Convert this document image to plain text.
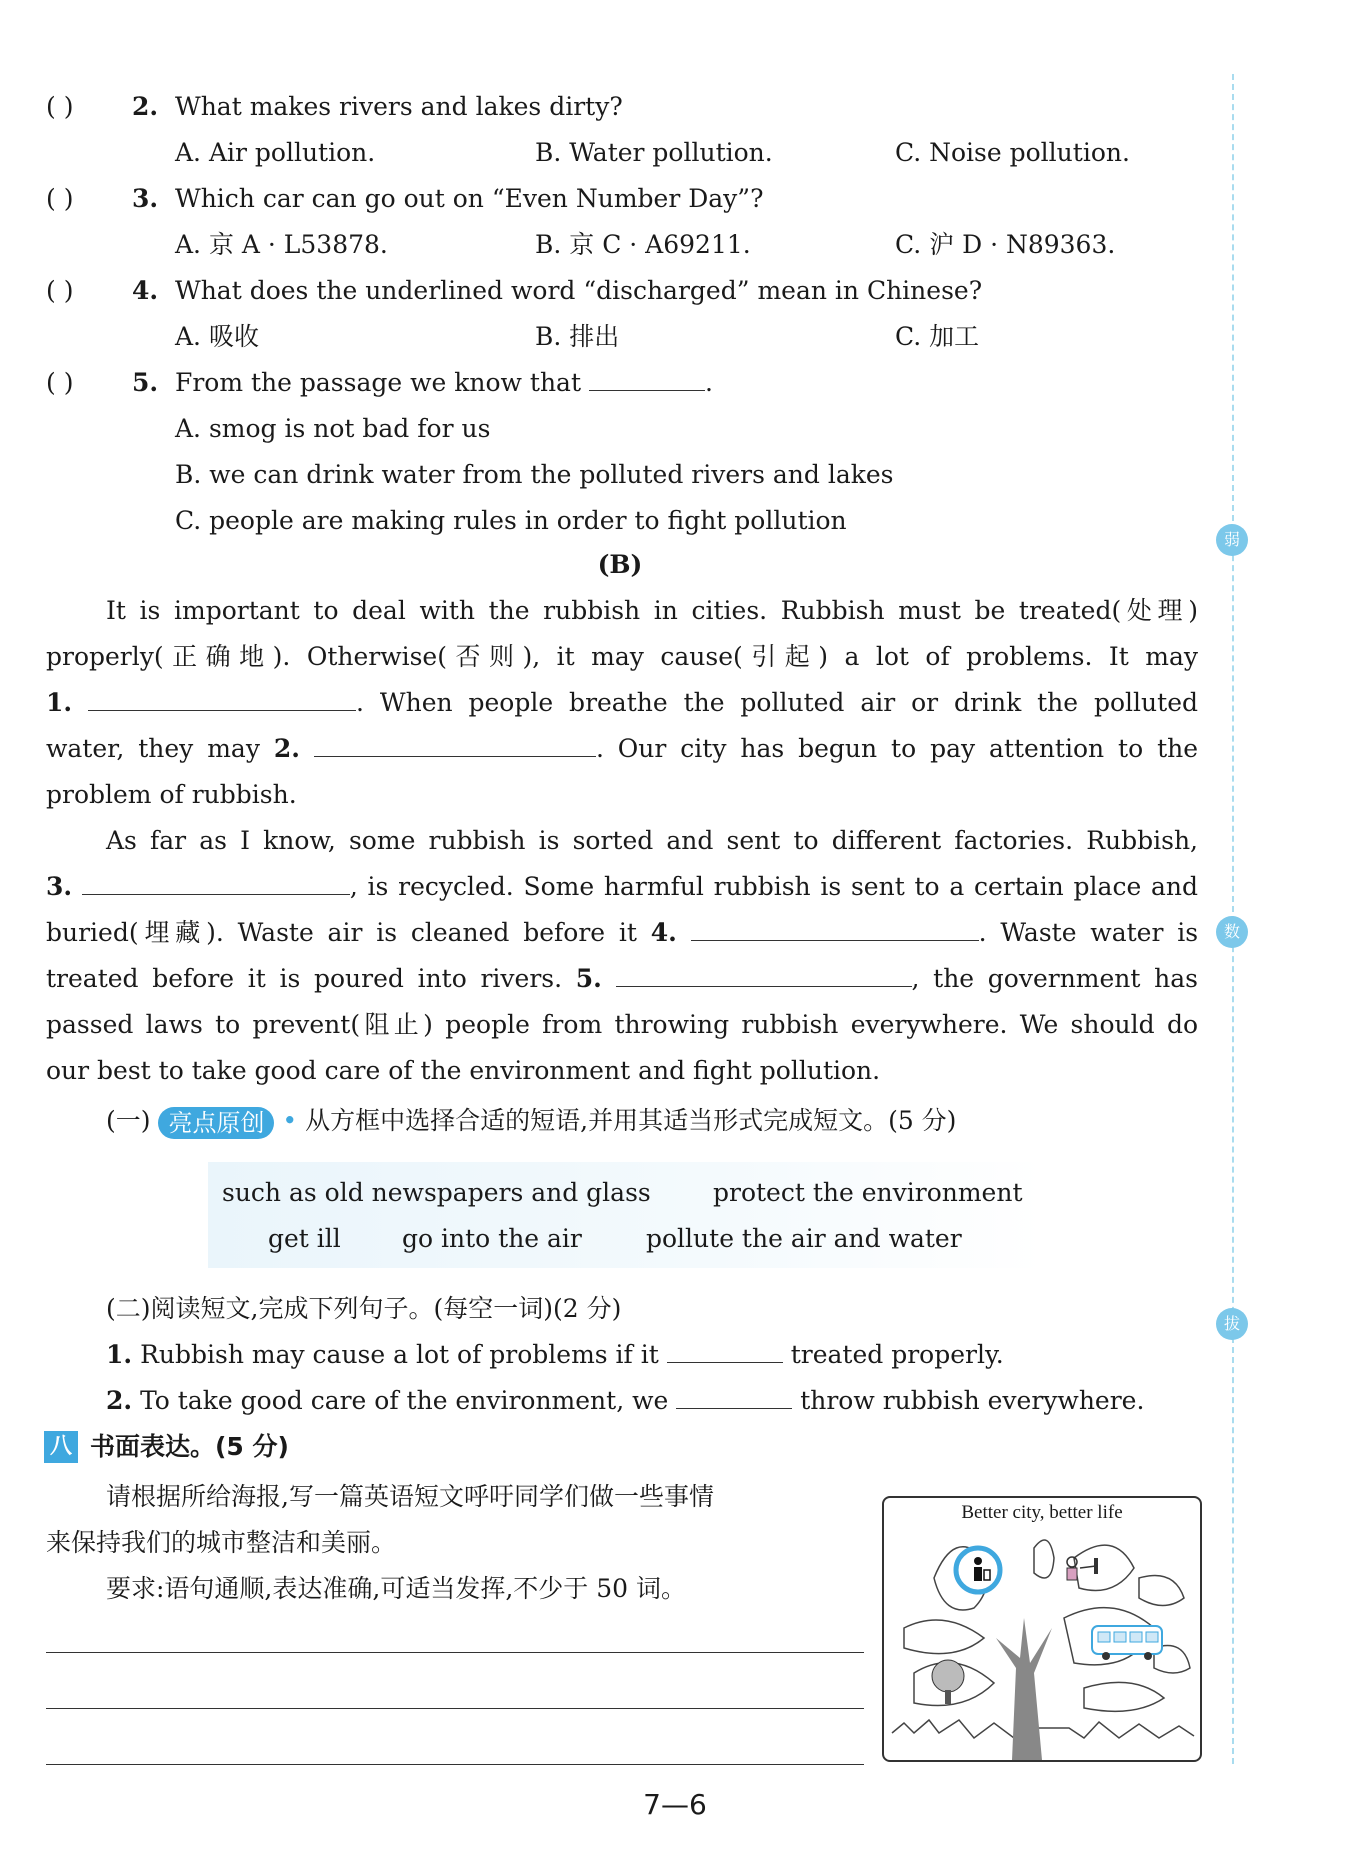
弱
数
拔
( ) 2. What makes rivers and lakes dirty?
A. Air pollution.	B. Water pollution.	C. Noise pollution.
( ) 3. Which car can go out on “Even Number Day”?
A. 京 A · L53878.	B. 京 C · A69211.	C. 沪 D · N89363.
( ) 4. What does the underlined word “discharged” mean in Chinese?
A. 吸收	B. 排出	C. 加工
( ) 5. From the passage we know that	.
A. smog is not bad for us
B. we can drink water from the polluted rivers and lakes
C. people are making rules in order to fight pollution
(B)
It is important to deal with the rubbish in cities. Rubbish must be treated(处理)
properly(正确地). Otherwise(否则), it may cause(引起) a lot of problems. It may
1.	. When people breathe the polluted air or drink the polluted
water, they may 2.	. Our city has begun to pay attention to the
problem of rubbish.
As far as I know, some rubbish is sorted and sent to different factories. Rubbish,
3.	, is recycled. Some harmful rubbish is sent to a certain place and
buried(埋藏). Waste air is cleaned before it 4.	. Waste water is
treated before it is poured into rivers. 5.	, the government has
passed laws to prevent(阻止) people from throwing rubbish everywhere. We should do
our best to take good care of the environment and fight pollution.
(一) 亮点原创 • 从方框中选择合适的短语,并用其适当形式完成短文。(5 分)
such as old newspapers and glass protect the environment
get ill go into the air	pollute the air and water
(二)阅读短文,完成下列句子。(每空一词)(2 分)
1. Rubbish may cause a lot of problems if it	treated properly.
2. To take good care of the environment, we	throw rubbish everywhere.
八 书面表达。(5 分)
请根据所给海报,写一篇英语短文呼吁同学们做一些事情
来保持我们的城市整洁和美丽。
要求:语句通顺,表达准确,可适当发挥,不少于 50 词。
Better city, better life
7—6
